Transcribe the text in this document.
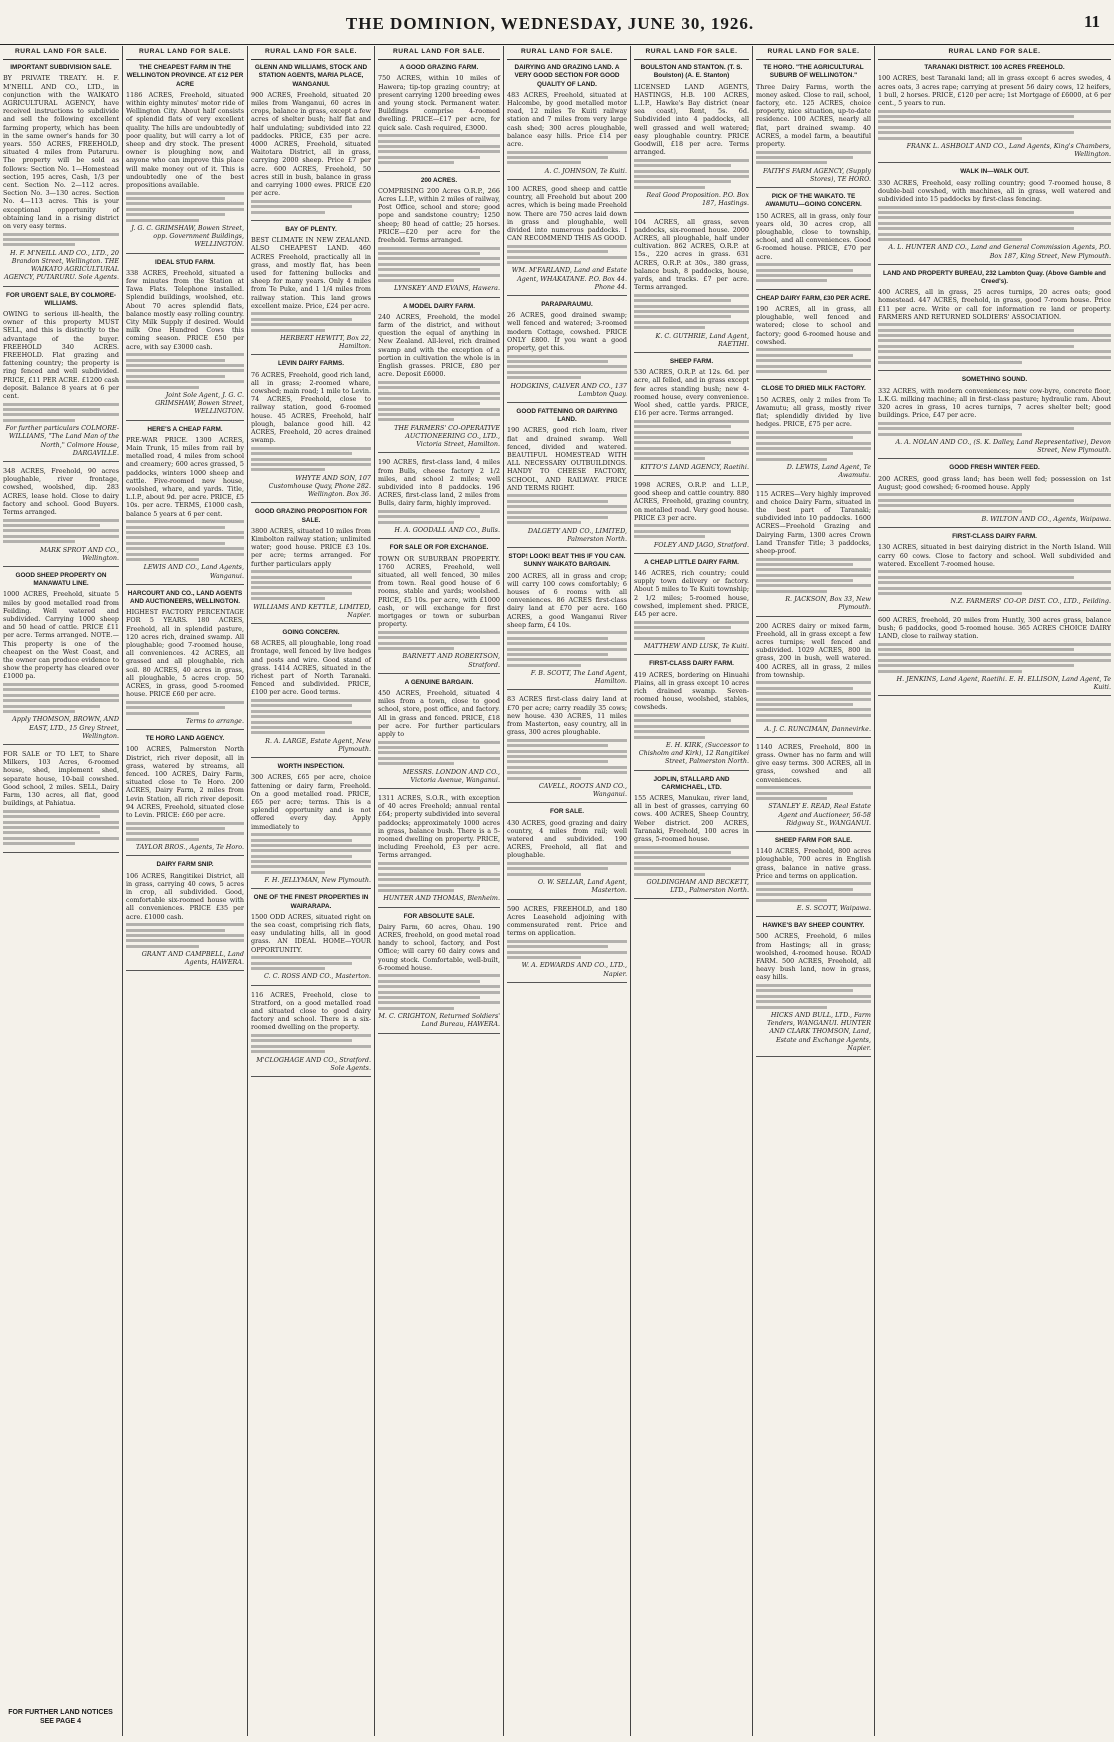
THE DOMINION, WEDNESDAY, JUNE 30, 1926.	11
RURAL LAND FOR SALE.
IMPORTANT SUBDIVISION SALE.
BY PRIVATE TREATY. H. F. M'NEILL AND CO., LTD., in conjunction with the WAIKATO AGRICULTURAL AGENCY, have received instructions to subdivide and sell the following excellent farming property, which has been in the same owner's hands for 30 years. 550 ACRES, FREEHOLD, situated 4 miles from Putaruru. The property will be sold as follows: Section No. 1—Homestead section, 195 acres, Cash, 1/3 per cent. Section No. 2—112 acres. Section No. 3—130 acres. Section No. 4—113 acres. This is your exceptional opportunity of obtaining land in a rising district on very easy terms.
H. F. M'NEILL AND CO., LTD., 20 Brandon Street, Wellington. THE WAIKATO AGRICULTURAL AGENCY, PUTARURU. Sole Agents.
FOR URGENT SALE, BY COLMORE-WILLIAMS.
OWING to serious ill-health, the owner of this property MUST SELL, and this is distinctly to the advantage of the buyer. FREEHOLD 340 ACRES. FREEHOLD. Flat grazing and fattening country; the property is ring fenced and well subdivided. PRICE, £11 PER ACRE. £1200 cash deposit. Balance 8 years at 6 per cent.
For further particulars COLMORE-WILLIAMS, "The Land Man of the North," Colmore House, DARGAVILLE.
348 ACRES, Freehold, 90 acres ploughable, river frontage, cowshed, woolshed, dip. 283 ACRES, lease hold. Close to dairy factory and school. Good Buyers. Terms arranged.
MARK SPROT AND CO., Wellington.
GOOD SHEEP PROPERTY ON MANAWATU LINE.
1000 ACRES, Freehold, situate 5 miles by good metalled road from Feilding. Well watered and subdivided. Carrying 1000 sheep and 50 head of cattle. PRICE £11 per acre. Terms arranged. NOTE.—This property is one of the cheapest on the West Coast, and the owner can produce evidence to show the property has cleared over £1000 pa.
Apply THOMSON, BROWN, AND EAST, LTD., 15 Grey Street, Wellington.
FOR SALE or TO LET, to Share Milkers, 103 Acres, 6-roomed house, shed, implement shed, separate house, 10-bail cowshed. Good school, 2 miles. SELL, Dairy Farm, 130 acres, all flat, good buildings, at Pahiatua.
RURAL LAND FOR SALE.
THE CHEAPEST FARM IN THE WELLINGTON PROVINCE. AT £12 PER ACRE
1186 ACRES, Freehold, situated within eighty minutes' motor ride of Wellington City. About half consists of splendid flats of very excellent quality. The hills are undoubtedly of poor quality, but will carry a lot of sheep and dry stock. The present owner is ploughing now, and anyone who can improve this place will make money out of it. This is undoubtedly one of the best propositions available.
J. G. C. GRIMSHAW, Bowen Street, opp. Government Buildings, WELLINGTON.
IDEAL STUD FARM.
338 ACRES, Freehold, situated a few minutes from the Station at Tawa Flats. Telephone installed. Splendid buildings, woolshed, etc. About 70 acres splendid flats, balance mostly easy rolling country. City Milk Supply if desired. Would milk One Hundred Cows this coming season. PRICE £50 per acre, with say £3000 cash.
Joint Sole Agent, J. G. C. GRIMSHAW, Bowen Street, WELLINGTON.
HERE'S A CHEAP FARM.
PRE-WAR PRICE. 1300 ACRES, Main Trunk, 15 miles from rail by metalled road, 4 miles from school and creamery; 600 acres grassed, 5 paddocks, winters 1000 sheep and cattle. Five-roomed new house, woolshed, whare, and yards. Title, L.I.P., about 9d. per acre. PRICE, £5 10s. per acre. TERMS, £1000 cash, balance 5 years at 6 per cent.
LEWIS AND CO., Land Agents, Wanganui.
HARCOURT AND CO., LAND AGENTS AND AUCTIONEERS, WELLINGTON.
HIGHEST FACTORY PERCENTAGE FOR 5 YEARS. 180 ACRES, Freehold, all in splendid pasture, 120 acres rich, drained swamp. All ploughable; good 7-roomed house, all conveniences. 42 ACRES, all grassed and all ploughable, rich soil. 80 ACRES, 40 acres in grass, all ploughable, 5 acres crop. 50 ACRES, in grass, good 5-roomed house. PRICE £60 per acre.
Terms to arrange.
TE HORO LAND AGENCY.
100 ACRES, Palmerston North District, rich river deposit, all in grass, watered by streams, all fenced. 100 ACRES, Dairy Farm, situated close to Te Horo. 200 ACRES, Dairy Farm, 2 miles from Levin Station, all rich river deposit. 94 ACRES, Freehold, situated close to Levin. PRICE: £60 per acre.
TAYLOR BROS., Agents, Te Horo.
DAIRY FARM SNIP.
106 ACRES, Rangitikei District, all in grass, carrying 40 cows, 5 acres in crop, all subdivided. Good, comfortable six-roomed house with all conveniences. PRICE £35 per acre. £1000 cash.
GRANT AND CAMPBELL, Land Agents, HAWERA.
RURAL LAND FOR SALE.
GLENN AND WILLIAMS, STOCK AND STATION AGENTS, MARIA PLACE, WANGANUI.
900 ACRES, Freehold, situated 20 miles from Wanganui, 60 acres in crops, balance in grass, except a few acres of shelter bush; half flat and half undulating; subdivided into 22 paddocks. PRICE, £35 per acre. 4000 ACRES, Freehold, situated Waitotara District, all in grass, carrying 2000 sheep. Price £7 per acre. 600 ACRES, Freehold, 50 acres still in bush, balance in grass and carrying 1000 ewes. PRICE £20 per acre.
BAY OF PLENTY.
BEST CLIMATE IN NEW ZEALAND. ALSO CHEAPEST LAND. 460 ACRES Freehold, practically all in grass, and mostly flat, has been used for fattening bullocks and sheep for many years. Only 4 miles from Te Puke, and 1 1/4 miles from railway station. This land grows excellent maize. Price, £24 per acre.
HERBERT HEWITT, Box 22, Hamilton.
LEVIN DAIRY FARMS.
76 ACRES, Freehold, good rich land, all in grass; 2-roomed whare, cowshed; main road; 1 mile to Levin. 74 ACRES, Freehold, close to railway station, good 6-roomed house. 45 ACRES, Freehold, half plough, balance good hill. 42 ACRES, Freehold, 20 acres drained swamp.
WHYTE AND SON, 107 Customhouse Quay, Phone 282. Wellington. Box 36.
GOOD GRAZING PROPOSITION FOR SALE.
3800 ACRES, situated 10 miles from Kimbolton railway station; unlimited water; good house. PRICE £3 10s. per acre; terms arranged. For further particulars apply
WILLIAMS AND KETTLE, LIMITED, Napier.
GOING CONCERN.
68 ACRES, all ploughable, long road frontage, well fenced by live hedges and posts and wire. Good stand of grass. 1414 ACRES, situated in the richest part of North Taranaki. Fenced and subdivided. PRICE, £100 per acre. Good terms.
R. A. LARGE, Estate Agent, New Plymouth.
WORTH INSPECTION.
300 ACRES, £65 per acre, choice fattening or dairy farm, Freehold. On a good metalled road. PRICE, £65 per acre; terms. This is a splendid opportunity and is not offered every day. Apply immediately to
F. H. JELLYMAN, New Plymouth.
ONE OF THE FINEST PROPERTIES IN WAIRARAPA.
1500 ODD ACRES, situated right on the sea coast, comprising rich flats, easy undulating hills, all in good grass. AN IDEAL HOME—YOUR OPPORTUNITY.
C. C. ROSS AND CO., Masterton.
116 ACRES, Freehold, close to Stratford, on a good metalled road and situated close to good dairy factory and school. There is a six-roomed dwelling on the property.
M'CLOGHAGE AND CO., Stratford. Sole Agents.
RURAL LAND FOR SALE.
A GOOD GRAZING FARM.
750 ACRES, within 10 miles of Hawera; tip-top grazing country; at present carrying 1200 breeding ewes and young stock. Permanent water. Buildings comprise 4-roomed dwelling. PRICE—£17 per acre, for quick sale. Cash required, £3000.
200 ACRES.
COMPRISING 200 Acres O.R.P., 266 Acres L.I.P., within 2 miles of railway, Post Office, school and store; good pope and sandstone country; 1250 sheep; 80 head of cattle; 25 horses. PRICE—£20 per acre for the freehold. Terms arranged.
LYNSKEY AND EVANS, Hawera.
A MODEL DAIRY FARM.
240 ACRES, Freehold, the model farm of the district, and without question the equal of anything in New Zealand. All-level, rich drained swamp and with the exception of a portion in cultivation the whole is in English grasses. PRICE, £80 per acre. Deposit £6000.
THE FARMERS' CO-OPERATIVE AUCTIONEERING CO., LTD., Victoria Street, Hamilton.
190 ACRES, first-class land, 4 miles from Bulls, cheese factory 2 1/2 miles, and school 2 miles; well subdivided into 8 paddocks. 196 ACRES, first-class land, 2 miles from Bulls, dairy farm, highly improved.
H. A. GOODALL AND CO., Bulls.
FOR SALE OR FOR EXCHANGE.
TOWN OR SUBURBAN PROPERTY. 1760 ACRES, Freehold, well situated, all well fenced, 30 miles from town. Real good house of 6 rooms, stable and yards; woolshed. PRICE, £5 10s. per acre, with £1000 cash, or will exchange for first mortgages or town or suburban property.
BARNETT AND ROBERTSON, Stratford.
A GENUINE BARGAIN.
450 ACRES, Freehold, situated 4 miles from a town, close to good school, store, post office, and factory. All in grass and fenced. PRICE, £18 per acre. For further particulars apply to
MESSRS. LONDON AND CO., Victoria Avenue, Wanganui.
1311 ACRES, S.O.R., with exception of 40 acres Freehold; annual rental £64; property subdivided into several paddocks; approximately 1000 acres in grass, balance bush. There is a 5-roomed dwelling on property. PRICE, including Freehold, £3 per acre. Terms arranged.
HUNTER AND THOMAS, Blenheim.
FOR ABSOLUTE SALE.
Dairy Farm, 60 acres, Ohau. 190 ACRES, freehold, on good metal road handy to school, factory, and Post Office; will carry 60 dairy cows and young stock. Comfortable, well-built, 6-roomed house.
M. C. CRIGHTON, Returned Soldiers' Land Bureau, HAWERA.
RURAL LAND FOR SALE.
DAIRYING AND GRAZING LAND. A VERY GOOD SECTION FOR GOOD QUALITY OF LAND.
483 ACRES, Freehold, situated at Halcombe, by good metalled motor road, 12 miles Te Kuiti railway station and 7 miles from very large cash shed; 300 acres ploughable, balance easy hills. Price £14 per acre.
A. C. JOHNSON, Te Kuiti.
100 ACRES, good sheep and cattle country, all Freehold but about 200 acres, which is being made Freehold now. There are 750 acres laid down in grass and ploughable, well divided into numerous paddocks. I CAN RECOMMEND THIS AS GOOD.
WM. M'FARLAND, Land and Estate Agent, WHAKATANE. P.O. Box 44. Phone 44.
PARAPARAUMU.
26 ACRES, good drained swamp; well fenced and watered; 3-roomed modern Cottage, cowshed. PRICE ONLY £800. If you want a good property, get this.
HODGKINS, CALVER AND CO., 137 Lambton Quay.
GOOD FATTENING OR DAIRYING LAND.
190 ACRES, good rich loam, river flat and drained swamp. Well fenced, divided and watered. BEAUTIFUL HOMESTEAD WITH ALL NECESSARY OUTBUILDINGS. HANDY TO CHEESE FACTORY, SCHOOL, AND RAILWAY. PRICE AND TERMS RIGHT.
DALGETY AND CO., LIMITED, Palmerston North.
STOP! LOOK! BEAT THIS IF YOU CAN. SUNNY WAIKATO BARGAIN.
200 ACRES, all in grass and crop; will carry 100 cows comfortably; 6 houses of 6 rooms with all conveniences. 86 ACRES first-class dairy land at £70 per acre. 160 ACRES, a good Wanganui River sheep farm, £4 10s.
F. B. SCOTT, The Land Agent, Hamilton.
83 ACRES first-class dairy land at £70 per acre; carry readily 35 cows; new house. 430 ACRES, 11 miles from Masterton, easy country, all in grass, 300 acres ploughable.
CAVELL, ROOTS AND CO., Wanganui.
FOR SALE.
430 ACRES, good grazing and dairy country, 4 miles from rail; well watered and subdivided. 190 ACRES, Freehold, all flat and ploughable.
O. W. SELLAR, Land Agent, Masterton.
590 ACRES, FREEHOLD, and 180 Acres Leasehold adjoining with commensurated rent. Price and terms on application.
W. A. EDWARDS AND CO., LTD., Napier.
RURAL LAND FOR SALE.
BOULSTON AND STANTON. (T. S. Boulston) (A. E. Stanton)
LICENSED LAND AGENTS, HASTINGS, H.B. 100 ACRES, L.I.P., Hawke's Bay district (near sea coast), Rent, 5s. 6d. Subdivided into 4 paddocks, all well grassed and well watered; easy ploughable country. PRICE Goodwill, £18 per acre. Terms arranged.
Real Good Proposition. P.O. Box 187, Hastings.
104 ACRES, all grass, seven paddocks, six-roomed house. 2000 ACRES, all ploughable, half under cultivation. 862 ACRES, O.R.P. at 15s., 220 acres in grass. 631 ACRES, O.R.P. at 30s., 380 grass, balance bush, 8 paddocks, house, yards, and tracks. £7 per acre. Terms arranged.
K. C. GUTHRIE, Land Agent, RAETIHI.
SHEEP FARM.
530 ACRES, O.R.P. at 12s. 6d. per acre, all felled, and in grass except few acres standing bush; new 4-roomed house, every convenience. Wool shed, cattle yards. PRICE, £16 per acre. Terms arranged.
KITTO'S LAND AGENCY, Raetihi.
1998 ACRES, O.R.P. and L.I.P., good sheep and cattle country. 880 ACRES, Freehold, grazing country, on metalled road. Very good house. PRICE £3 per acre.
FOLEY AND JAGO, Stratford.
A CHEAP LITTLE DAIRY FARM.
146 ACRES, rich country; could supply town delivery or factory. About 5 miles to Te Kuiti township; 2 1/2 miles; 5-roomed house, cowshed, implement shed. PRICE, £45 per acre.
MATTHEW AND LUSK, Te Kuiti.
FIRST-CLASS DAIRY FARM.
419 ACRES, bordering on Hinuahi Plains, all in grass except 10 acres rich drained swamp. Seven-roomed house, woolshed, stables, cowsheds.
E. H. KIRK, (Successor to Chisholm and Kirk), 12 Rangitikei Street, Palmerston North.
JOPLIN, STALLARD AND CARMICHAEL, LTD.
155 ACRES, Manukau, river land, all in best of grasses, carrying 60 cows. 400 ACRES, Sheep Country, Weber district. 200 ACRES, Taranaki, Freehold, 100 acres in grass, 5-roomed house.
GOLDINGHAM AND BECKETT, LTD., Palmerston North.
RURAL LAND FOR SALE.
TE HORO. "THE AGRICULTURAL SUBURB OF WELLINGTON."
Three Dairy Farms, worth the money asked. Close to rail, school, factory, etc. 125 ACRES, choice property, nice situation, up-to-date residence. 100 ACRES, nearly all flat, part drained swamp. 40 ACRES, a model farm, a beautiful property.
FAITH'S FARM AGENCY, (Supply Stores), TE HORO.
PICK OF THE WAIKATO. TE AWAMUTU—GOING CONCERN.
150 ACRES, all in grass, only four years old, 30 acres crop, all ploughable, close to township, school, and all conveniences. Good 6-roomed house. PRICE, £70 per acre.
CHEAP DAIRY FARM, £30 PER ACRE.
190 ACRES, all in grass, all ploughable, well fenced and watered; close to school and factory; good 6-roomed house and cowshed.
CLOSE TO DRIED MILK FACTORY.
150 ACRES, only 2 miles from Te Awamutu; all grass, mostly river flat; splendidly divided by live hedges. PRICE, £75 per acre.
D. LEWIS, Land Agent, Te Awamutu.
115 ACRES—Very highly improved and choice Dairy Farm, situated in the best part of Taranaki; subdivided into 10 paddocks. 1600 ACRES—Freehold Grazing and Dairying Farm, 1300 acres Crown Land Transfer Title; 3 paddocks, sheep-proof.
R. JACKSON, Box 33, New Plymouth.
200 ACRES dairy or mixed farm, Freehold, all in grass except a few acres turnips; well fenced and subdivided. 1029 ACRES, 800 in grass, 200 in bush, well watered. 400 ACRES, all in grass, 2 miles from township.
A. J. C. RUNCIMAN, Dannevirke.
1140 ACRES, Freehold, 800 in grass. Owner has no farm and will give easy terms. 300 ACRES, all in grass, cowshed and all conveniences.
STANLEY E. READ, Real Estate Agent and Auctioneer, 56-58 Ridgway St., WANGANUI.
SHEEP FARM FOR SALE.
1140 ACRES, Freehold, 800 acres ploughable, 700 acres in English grass, balance in native grass. Price and terms on application.
E. S. SCOTT, Waipawa.
HAWKE'S BAY SHEEP COUNTRY.
500 ACRES, Freehold, 6 miles from Hastings; all in grass; woolshed, 4-roomed house. ROAD FARM. 500 ACRES, Freehold, all heavy bush land, now in grass, easy hills.
HICKS AND BULL, LTD., Farm Tenders, WANGANUI. HUNTER AND CLARK THOMSON, Land, Estate and Exchange Agents, Napier.
RURAL LAND FOR SALE.
TARANAKI DISTRICT. 100 ACRES FREEHOLD.
100 ACRES, best Taranaki land; all in grass except 6 acres swedes, 4 acres oats, 3 acres rape; carrying at present 56 dairy cows, 12 heifers, 1 bull, 2 horses. PRICE, £120 per acre; 1st Mortgage of £6000, at 6 per cent., 5 years to run.
FRANK L. ASHBOLT AND CO., Land Agents, King's Chambers, Wellington.
WALK IN—WALK OUT.
330 ACRES, Freehold, easy rolling country; good 7-roomed house, 8 double-bail cowshed, with machines, all in grass, well watered and subdivided into 15 paddocks by first-class fencing.
A. L. HUNTER AND CO., Land and General Commission Agents, P.O. Box 187, King Street, New Plymouth.
LAND AND PROPERTY BUREAU, 232 Lambton Quay. (Above Gamble and Creed's).
400 ACRES, all in grass, 25 acres turnips, 20 acres oats; good homestead. 447 ACRES, freehold, in grass, good 7-room house. Price £11 per acre. Write or call for information re land or property. FARMERS AND RETURNED SOLDIERS' ASSOCIATION.
SOMETHING SOUND.
332 ACRES, with modern conveniences; new cow-byre, concrete floor, L.K.G. milking machine; all in first-class pasture; hydraulic ram. About 320 acres in grass, 10 acres turnips, 7 acres shelter belt; good buildings. Price, £47 per acre.
A. A. NOLAN AND CO., (S. K. Dalley, Land Representative), Devon Street, New Plymouth.
GOOD FRESH WINTER FEED.
200 ACRES, good grass land; has been well fed; possession on 1st August; good cowshed; 6-roomed house. Apply
B. WILTON AND CO., Agents, Waipawa.
FIRST-CLASS DAIRY FARM.
130 ACRES, situated in best dairying district in the North Island. Will carry 60 cows. Close to factory and school. Well subdivided and watered. Excellent 7-roomed house.
N.Z. FARMERS' CO-OP. DIST. CO., LTD., Feilding.
600 ACRES, freehold, 20 miles from Huntly, 300 acres grass, balance bush; 6 paddocks, good 5-roomed house. 365 ACRES CHOICE DAIRY LAND, close to railway station.
H. JENKINS, Land Agent, Raetihi. E. H. ELLISON, Land Agent, Te Kuiti.
FOR FURTHER LAND NOTICES SEE PAGE 4
